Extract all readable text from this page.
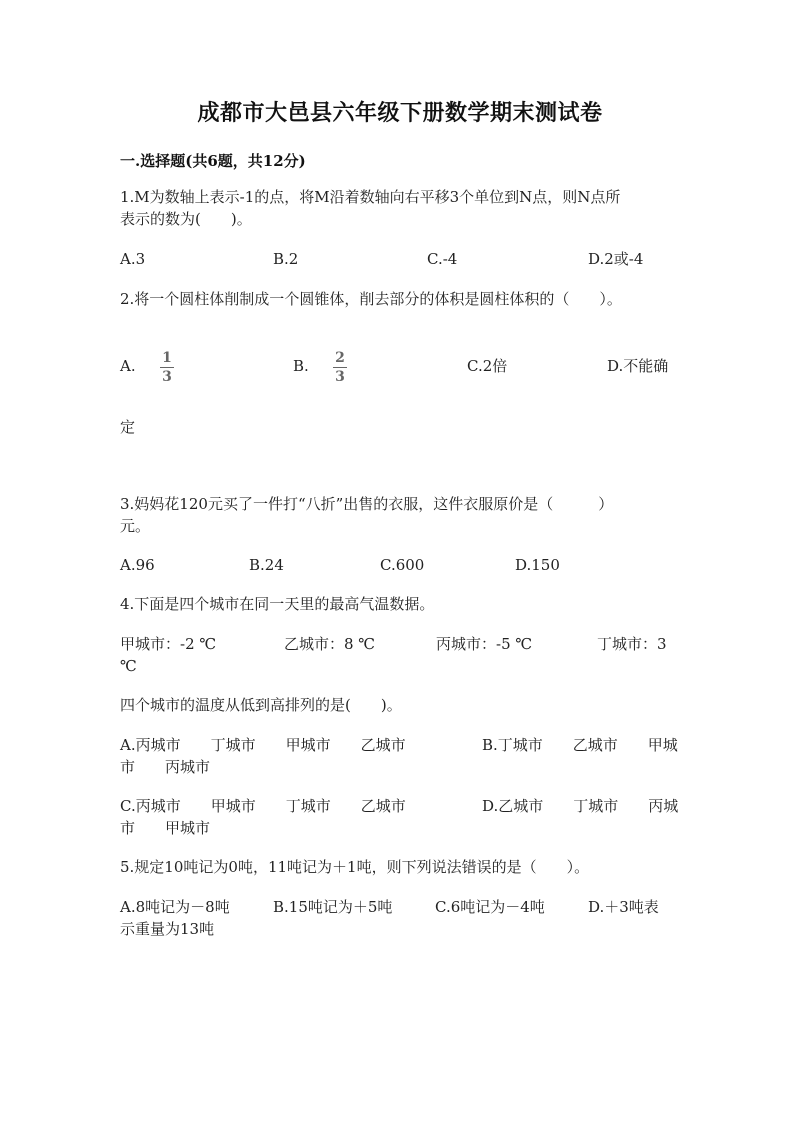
成都市大邑县六年级下册数学期末测试卷
一.选择题(共6题，共12分)
1.M为数轴上表示-1的点，将M沿着数轴向右平移3个单位到N点，则N点所
表示的数为(　　)。
A.3	B.2	C.-4	D.2或-4
2.将一个圆柱体削制成一个圆锥体，削去部分的体积是圆柱体积的（　　）。
A. 1
3
B. 2
3
C.2倍	D.不能确
定
3.妈妈花120元买了一件打“八折”出售的衣服，这件衣服原价是（　　　）
元。
A.96	B.24	C.600	D.150
4.下面是四个城市在同一天里的最高气温数据。
甲城市：-2 ℃	乙城市：8 ℃	丙城市：-5 ℃	丁城市：3
℃
四个城市的温度从低到高排列的是(　　)。
A.丙城市　　丁城市　　甲城市　　乙城市	B.丁城市　　乙城市　　甲城
市　　丙城市
C.丙城市　　甲城市　　丁城市　　乙城市	D.乙城市　　丁城市　　丙城
市　　甲城市
5.规定10吨记为0吨，11吨记为＋1吨，则下列说法错误的是（　　）。
A.8吨记为－8吨	B.15吨记为＋5吨	C.6吨记为－4吨	D.＋3吨表
示重量为13吨
